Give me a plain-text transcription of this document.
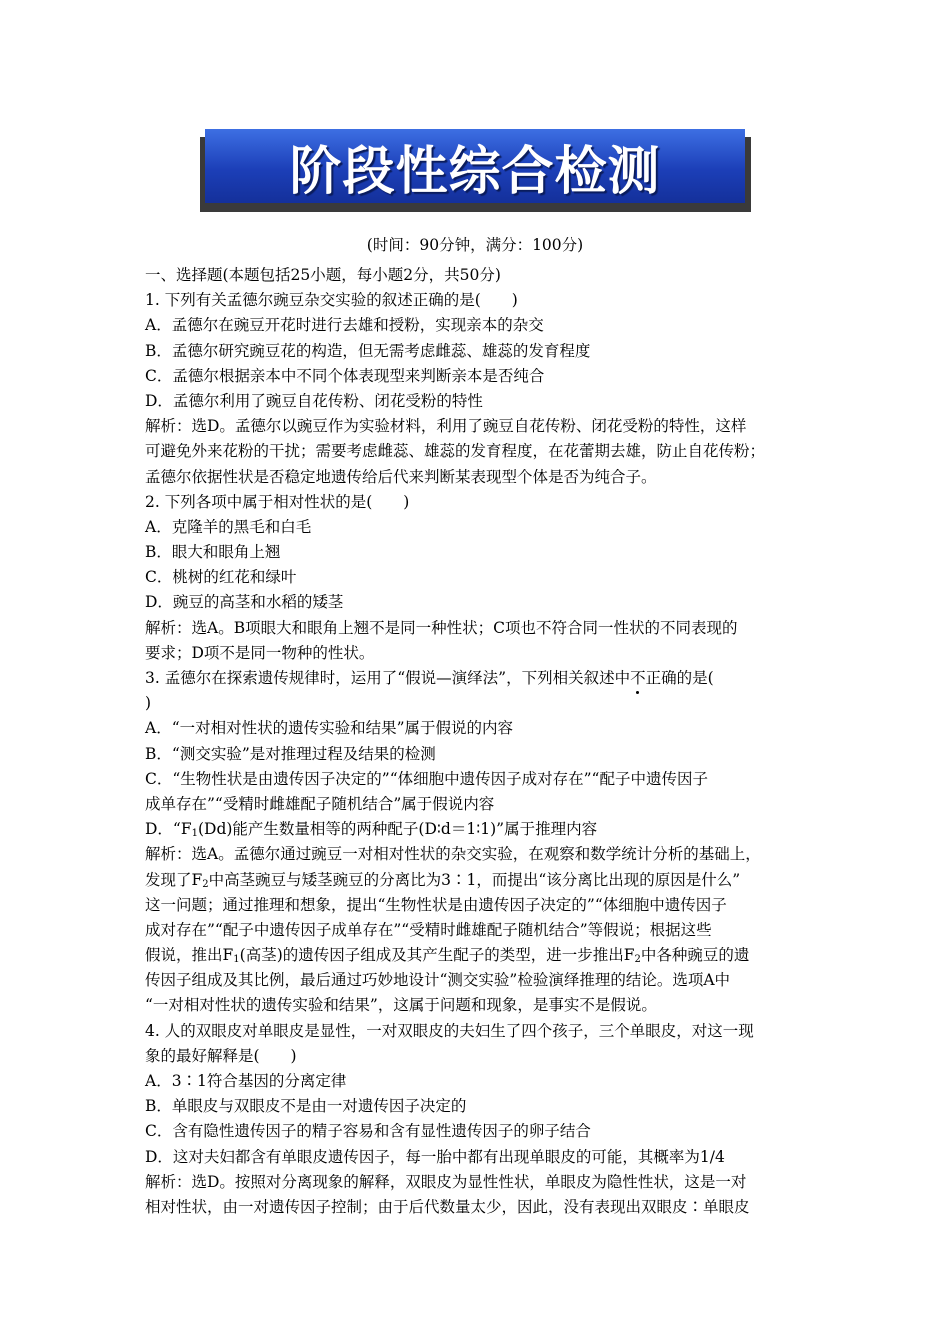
阶段性综合检测
(时间：90分钟，满分：100分)
一、选择题(本题包括25小题，每小题2分，共50分)
1. 下列有关孟德尔豌豆杂交实验的叙述正确的是(　　)
A．孟德尔在豌豆开花时进行去雄和授粉，实现亲本的杂交
B．孟德尔研究豌豆花的构造，但无需考虑雌蕊、雄蕊的发育程度
C．孟德尔根据亲本中不同个体表现型来判断亲本是否纯合
D．孟德尔利用了豌豆自花传粉、闭花受粉的特性
解析：选D。孟德尔以豌豆作为实验材料，利用了豌豆自花传粉、闭花受粉的特性，这样
可避免外来花粉的干扰；需要考虑雌蕊、雄蕊的发育程度，在花蕾期去雄，防止自花传粉；
孟德尔依据性状是否稳定地遗传给后代来判断某表现型个体是否为纯合子。
2. 下列各项中属于相对性状的是(　　)
A．克隆羊的黑毛和白毛
B．眼大和眼角上翘
C．桃树的红花和绿叶
D．豌豆的高茎和水稻的矮茎
解析：选A。B项眼大和眼角上翘不是同一种性状；C项也不符合同一性状的不同表现的
要求；D项不是同一物种的性状。
3. 孟德尔在探索遗传规律时，运用了“假说—演绎法”，下列相关叙述中不正确的是(
)
A．“一对相对性状的遗传实验和结果”属于假说的内容
B．“测交实验”是对推理过程及结果的检测
C．“生物性状是由遗传因子决定的”“体细胞中遗传因子成对存在”“配子中遗传因子
成单存在”“受精时雌雄配子随机结合”属于假说内容
D．“$F_1(Dd)$能产生数量相等的两种配子(D∶d＝1∶1)”属于推理内容
解析：选A。孟德尔通过豌豆一对相对性状的杂交实验，在观察和数学统计分析的基础上，
发现了$F_2$中高茎豌豆与矮茎豌豆的分离比为3∶1，而提出“该分离比出现的原因是什么”
这一问题；通过推理和想象，提出“生物性状是由遗传因子决定的”“体细胞中遗传因子
成对存在”“配子中遗传因子成单存在”“受精时雌雄配子随机结合”等假说；根据这些
假说，推出$F_1$(高茎)的遗传因子组成及其产生配子的类型，进一步推出$F_2$中各种豌豆的遗
传因子组成及其比例，最后通过巧妙地设计“测交实验”检验演绎推理的结论。选项A中
“一对相对性状的遗传实验和结果”，这属于问题和现象，是事实不是假说。
4. 人的双眼皮对单眼皮是显性，一对双眼皮的夫妇生了四个孩子，三个单眼皮，对这一现
象的最好解释是(　　)
A．3∶1符合基因的分离定律
B．单眼皮与双眼皮不是由一对遗传因子决定的
C．含有隐性遗传因子的精子容易和含有显性遗传因子的卵子结合
D．这对夫妇都含有单眼皮遗传因子，每一胎中都有出现单眼皮的可能，其概率为1/4
解析：选D。按照对分离现象的解释，双眼皮为显性性状，单眼皮为隐性性状，这是一对
相对性状，由一对遗传因子控制；由于后代数量太少，因此，没有表现出双眼皮∶单眼皮
